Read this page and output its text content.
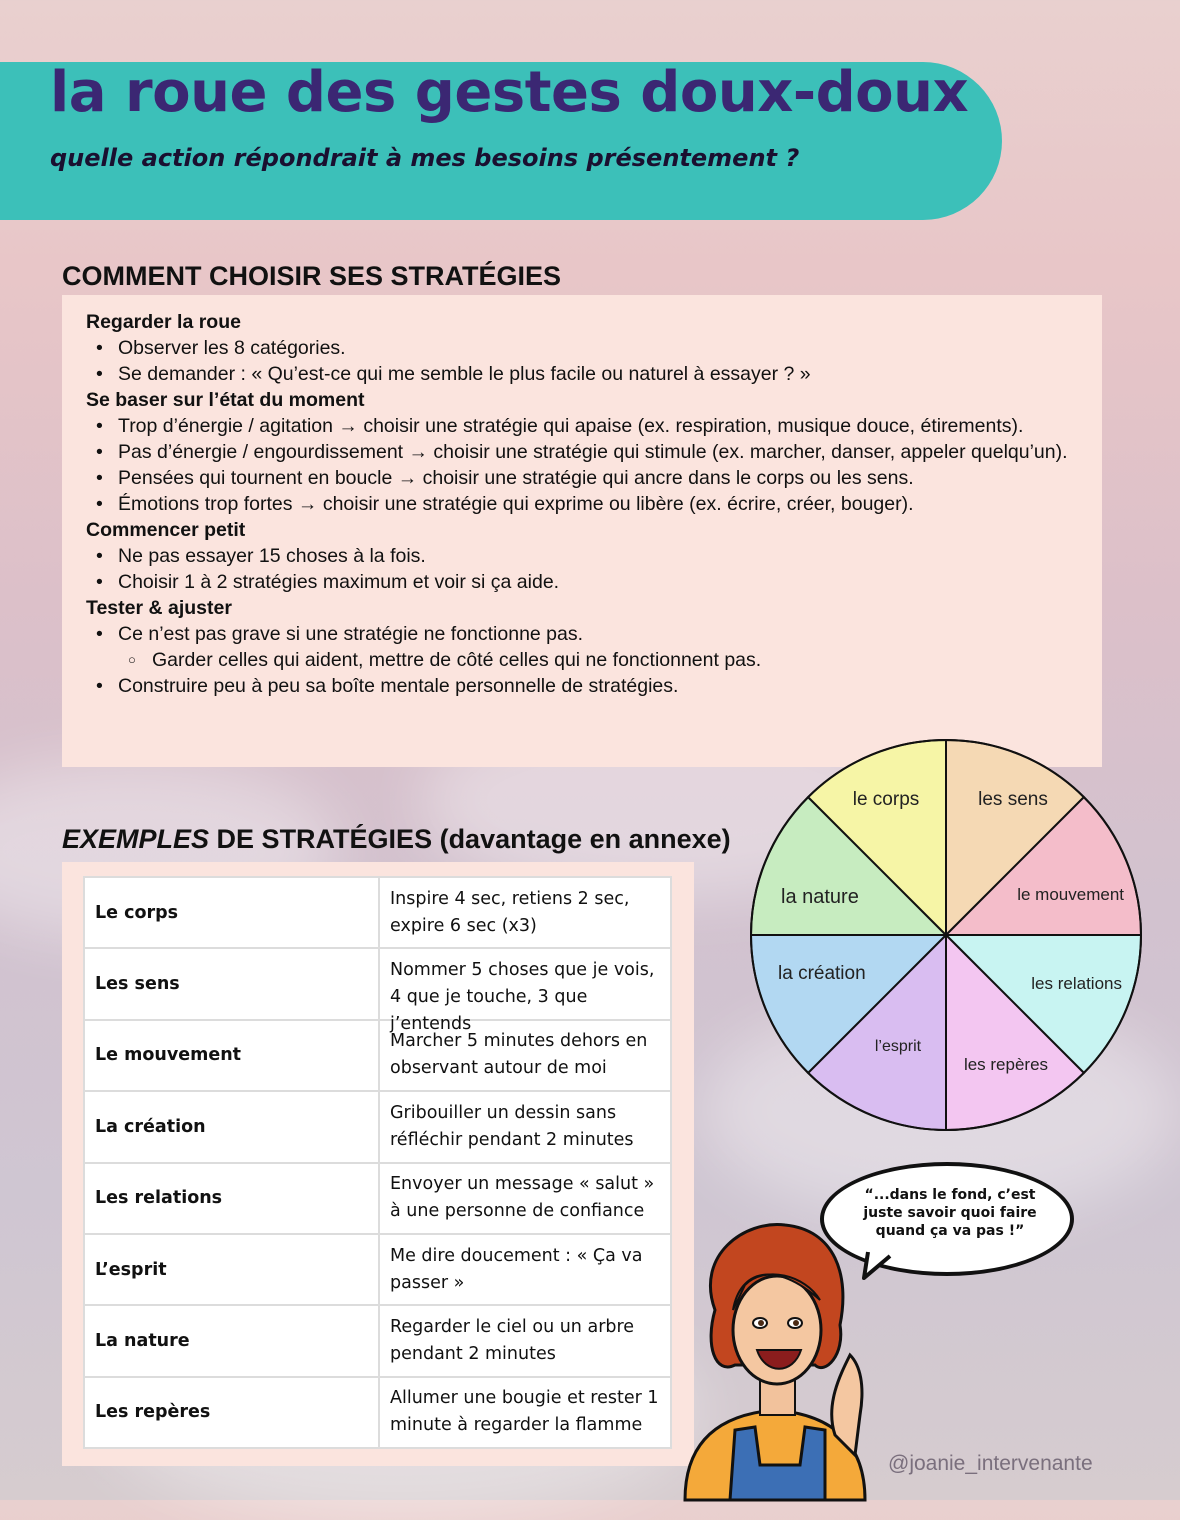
la roue des gestes doux-doux
quelle action répondrait à mes besoins présentement ?
COMMENT CHOISIR SES STRATÉGIES
Regarder la roue
• Observer les 8 catégories.
• Se demander : « Qu’est-ce qui me semble le plus facile ou naturel à essayer ? »
Se baser sur l’état du moment
• Trop d’énergie / agitation → choisir une stratégie qui apaise (ex. respiration, musique douce, étirements).
• Pas d’énergie / engourdissement → choisir une stratégie qui stimule (ex. marcher, danser, appeler quelqu’un).
• Pensées qui tournent en boucle → choisir une stratégie qui ancre dans le corps ou les sens.
• Émotions trop fortes → choisir une stratégie qui exprime ou libère (ex. écrire, créer, bouger).
Commencer petit
• Ne pas essayer 15 choses à la fois.
• Choisir 1 à 2 stratégies maximum et voir si ça aide.
Tester & ajuster
• Ce n’est pas grave si une stratégie ne fonctionne pas.
○ Garder celles qui aident, mettre de côté celles qui ne fonctionnent pas.
• Construire peu à peu sa boîte mentale personnelle de stratégies.
EXEMPLES DE STRATÉGIES (davantage en annexe)
Le corps	Inspire 4 sec, retiens 2 sec, expire 6 sec (x3)

Les sens	Nommer 5 choses que je vois, 4 que je touche, 3 que j’entends

Le mouvement	Marcher 5 minutes dehors en observant autour de moi

La création	Gribouiller un dessin sans réfléchir pendant 2 minutes

Les relations	Envoyer un message « salut » à une personne de confiance

L’esprit	Me dire doucement : « Ça va passer »

La nature	Regarder le ciel ou un arbre pendant 2 minutes

Les repères	Allumer une bougie et rester 1 minute à regarder la flamme
les sens
le mouvement
les relations
les repères
l’esprit
la création
la nature
le corps
“...dans le fond, c’est juste savoir quoi faire quand ça va pas !”
@joanie_intervenante
